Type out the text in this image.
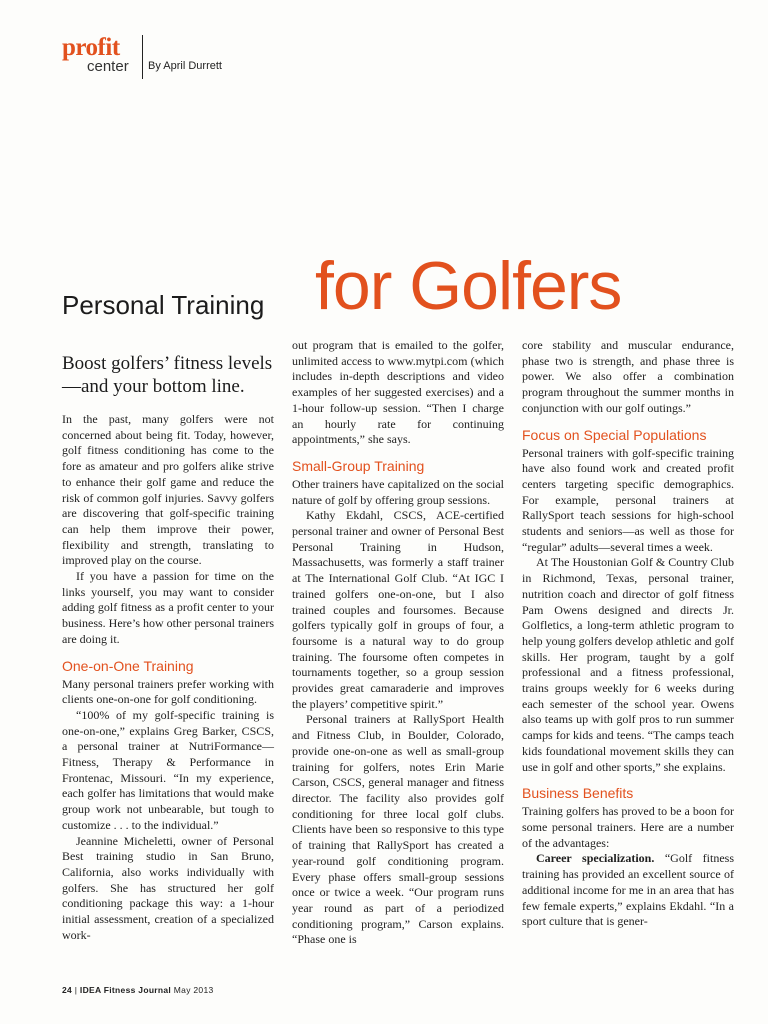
profit
center By April Durrett
Personal Training for Golfers
Boost golfers’ fitness levels—and your bottom line.

In the past, many golfers were not concerned about being fit. Today, however, golf fitness conditioning has come to the fore as amateur and pro golfers alike strive to enhance their golf game and reduce the risk of common golf injuries. Savvy golfers are discovering that golf-specific training can help them improve their power, flexibility and strength, translating to improved play on the course.

If you have a passion for time on the links yourself, you may want to consider adding golf fitness as a profit center to your business. Here’s how other personal trainers are doing it.

One-on-One Training

Many personal trainers prefer working with clients one-on-one for golf conditioning.

“100% of my golf-specific training is one-on-one,” explains Greg Barker, CSCS, a personal trainer at NutriFormance—Fitness, Therapy & Performance in Frontenac, Missouri. “In my experience, each golfer has limitations that would make group work not unbearable, but tough to customize . . . to the individual.”

Jeannine Micheletti, owner of Personal Best training studio in San Bruno, California, also works individually with golfers. She has structured her golf conditioning package this way: a 1-hour initial assessment, creation of a specialized work-

out program that is emailed to the golfer, unlimited access to www.mytpi.com (which includes in-depth descriptions and video examples of her suggested exercises) and a 1-hour follow-up session. “Then I charge an hourly rate for continuing appointments,” she says.

Small-Group Training

Other trainers have capitalized on the social nature of golf by offering group sessions.

Kathy Ekdahl, CSCS, ACE-certified personal trainer and owner of Personal Best Personal Training in Hudson, Massachusetts, was formerly a staff trainer at The International Golf Club. “At IGC I trained golfers one-on-one, but I also trained couples and foursomes. Because golfers typically golf in groups of four, a foursome is a natural way to do group training. The foursome often competes in tournaments together, so a group session provides great camaraderie and improves the players’ competitive spirit.”

Personal trainers at RallySport Health and Fitness Club, in Boulder, Colorado, provide one-on-one as well as small-group training for golfers, notes Erin Marie Carson, CSCS, general manager and fitness director. The facility also provides golf conditioning for three local golf clubs. Clients have been so responsive to this type of training that RallySport has created a year-round golf conditioning program. Every phase offers small-group sessions once or twice a week. “Our program runs year round as part of a periodized conditioning program,” Carson explains. “Phase one is

core stability and muscular endurance, phase two is strength, and phase three is power. We also offer a combination program throughout the summer months in conjunction with our golf outings.”

Focus on Special Populations

Personal trainers with golf-specific training have also found work and created profit centers targeting specific demographics. For example, personal trainers at RallySport teach sessions for high-school students and seniors—as well as those for “regular” adults—several times a week.

At The Houstonian Golf & Country Club in Richmond, Texas, personal trainer, nutrition coach and director of golf fitness Pam Owens designed and directs Jr. Golfletics, a long-term athletic program to help young golfers develop athletic and golf skills. Her program, taught by a golf professional and a fitness professional, trains groups weekly for 6 weeks during each semester of the school year. Owens also teams up with golf pros to run summer camps for kids and teens. “The camps teach kids foundational movement skills they can use in golf and other sports,” she explains.

Business Benefits

Training golfers has proved to be a boon for some personal trainers. Here are a number of the advantages:

Career specialization. “Golf fitness training has provided an excellent source of additional income for me in an area that has few female experts,” explains Ekdahl. “In a sport culture that is gener-

24 | IDEA Fitness Journal May 2013
